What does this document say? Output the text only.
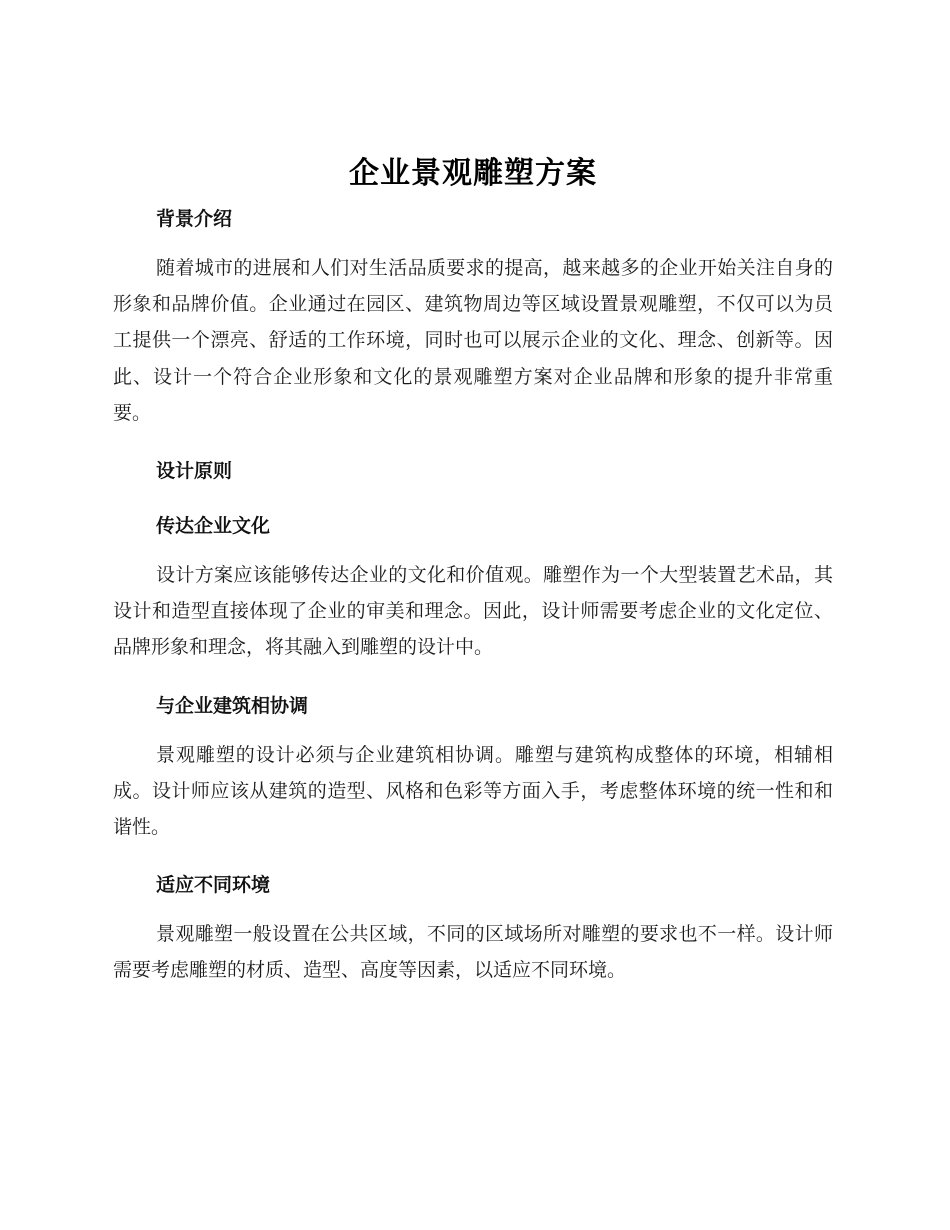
企业景观雕塑方案
背景介绍

随着城市的进展和人们对生活品质要求的提高，越来越多的企业开始关注自身的形象和品牌价值。企业通过在园区、建筑物周边等区域设置景观雕塑，不仅可以为员工提供一个漂亮、舒适的工作环境，同时也可以展示企业的文化、理念、创新等。因此、设计一个符合企业形象和文化的景观雕塑方案对企业品牌和形象的提升非常重要。

设计原则
传达企业文化

设计方案应该能够传达企业的文化和价值观。雕塑作为一个大型装置艺术品，其设计和造型直接体现了企业的审美和理念。因此，设计师需要考虑企业的文化定位、品牌形象和理念，将其融入到雕塑的设计中。

与企业建筑相协调

景观雕塑的设计必须与企业建筑相协调。雕塑与建筑构成整体的环境，相辅相成。设计师应该从建筑的造型、风格和色彩等方面入手，考虑整体环境的统一性和和谐性。

适应不同环境

景观雕塑一般设置在公共区域，不同的区域场所对雕塑的要求也不一样。设计师需要考虑雕塑的材质、造型、高度等因素，以适应不同环境。
